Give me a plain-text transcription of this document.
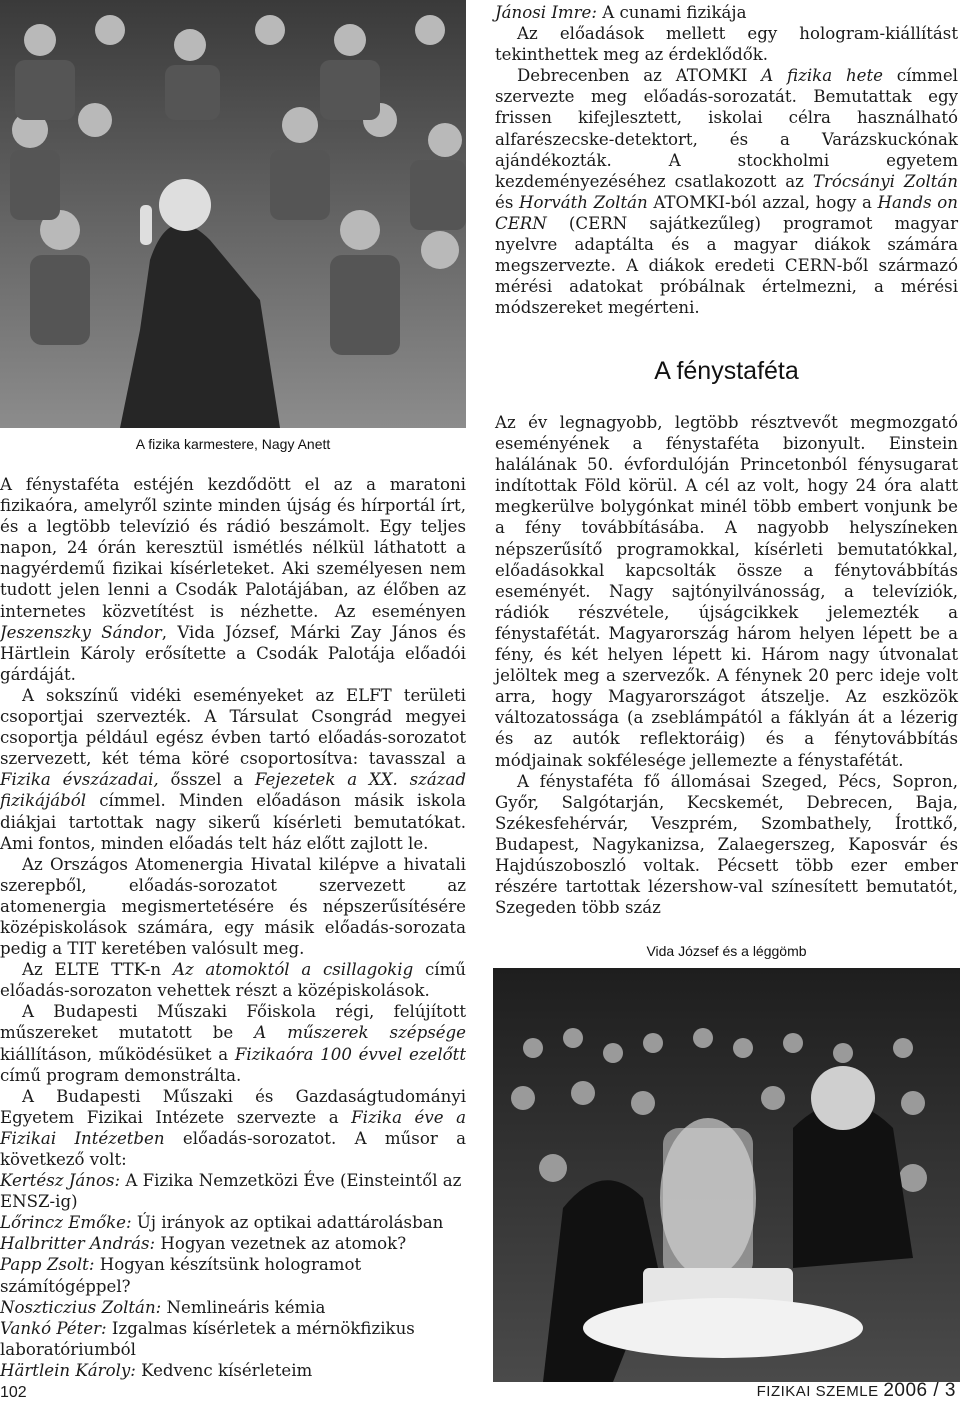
A fizika karmestere, Nagy Anett

Jánosi Imre: A cunami fizikája

Az előadások mellett egy hologram-kiállítást tekinthettek meg az érdeklődők.

Debrecenben az ATOMKI A fizika hete címmel szervezte meg előadás-sorozatát. Bemutattak egy frissen kifejlesztett, iskolai célra használható alfarészecske-detektort, és a Varázskuckónak ajándékozták. A stockholmi egyetem kezdeményezéséhez csatlakozott az Trócsányi Zoltán és Horváth Zoltán ATOMKI-ból azzal, hogy a Hands on CERN (CERN sajátkezűleg) programot magyar nyelvre adaptálta és a magyar diákok számára megszervezte. A diákok eredeti CERN-ből származó mérési adatokat próbálnak értelmezni, a mérési módszereket megérteni.

A fénystaféta

A fénystaféta estéjén kezdődött el az a maratoni fizikaóra, amelyről szinte minden újság és hírportál írt, és a legtöbb televízió és rádió beszámolt. Egy teljes napon, 24 órán keresztül ismétlés nélkül láthatott a nagyérdemű fizikai kísérleteket. Aki személyesen nem tudott jelen lenni a Csodák Palotájában, az élőben az internetes közvetítést is nézhette. Az eseményen Jeszenszky Sándor, Vida József, Márki Zay János és Härtlein Károly erősítette a Csodák Palotája előadói gárdáját.

A sokszínű vidéki eseményeket az ELFT területi csoportjai szervezték. A Társulat Csongrád megyei csoportja például egész évben tartó előadás-sorozatot szervezett, két téma köré csoportosítva: tavasszal a Fizika évszázadai, ősszel a Fejezetek a XX. század fizikájából címmel. Minden előadáson másik iskola diákjai tartottak nagy sikerű kísérleti bemutatókat. Ami fontos, minden előadás telt ház előtt zajlott le.

Az Országos Atomenergia Hivatal kilépve a hivatali szerepből, előadás-sorozatot szervezett az atomenergia megismertetésére és népszerűsítésére középiskolások számára, egy másik előadás-sorozata pedig a TIT keretében valósult meg.

Az ELTE TTK-n Az atomoktól a csillagokig című előadás-sorozaton vehettek részt a középiskolások.

A Budapesti Műszaki Főiskola régi, felújított műszereket mutatott be A műszerek szépsége kiállításon, működésüket a Fizikaóra 100 évvel ezelőtt című program demonstrálta.

A Budapesti Műszaki és Gazdaságtudományi Egyetem Fizikai Intézete szervezte a Fizika éve a Fizikai Intézetben előadás-sorozatot. A műsor a következő volt:

Kertész János: A Fizika Nemzetközi Éve (Einsteintől az ENSZ-ig)

Lőrincz Emőke: Új irányok az optikai adattárolásban

Halbritter András: Hogyan vezetnek az atomok?

Papp Zsolt: Hogyan készítsünk hologramot számítógéppel?

Noszticzius Zoltán: Nemlineáris kémia

Vankó Péter: Izgalmas kísérletek a mérnökfizikus laboratóriumból

Härtlein Károly: Kedvenc kísérleteim

Az év legnagyobb, legtöbb résztvevőt megmozgató eseményének a fénystaféta bizonyult. Einstein halálának 50. évfordulóján Princetonból fénysugarat indítottak Föld körül. A cél az volt, hogy 24 óra alatt megkerülve bolygónkat minél több embert vonjunk be a fény továbbításába. A nagyobb helyszíneken népszerűsítő programokkal, kísérleti bemutatókkal, előadásokkal kapcsolták össze a fénytovábbítás eseményét. Nagy sajtónyilvánosság, a televíziók, rádiók részvétele, újságcikkek jelemezték a fénystafétát. Magyarország három helyen lépett be a fény, és két helyen lépett ki. Három nagy útvonalat jelöltek meg a szervezők. A fénynek 20 perc ideje volt arra, hogy Magyarországot átszelje. Az eszközök változatossága (a zseblámpától a fáklyán át a lézerig és az autók reflektoráig) és a fénytovábbítás módjainak sokfélesége jellemezte a fénystafétát.

A fénystaféta fő állomásai Szeged, Pécs, Sopron, Győr, Salgótarján, Kecskemét, Debrecen, Baja, Székesfehérvár, Veszprém, Szombathely, Írottkő, Budapest, Nagykanizsa, Zalaegerszeg, Kaposvár és Hajdúszoboszló voltak. Pécsett több ezer ember részére tartottak lézershow-val színesített bemutatót, Szegeden több száz

Vida József és a léggömb
102	FIZIKAI SZEMLE 2006 / 3
